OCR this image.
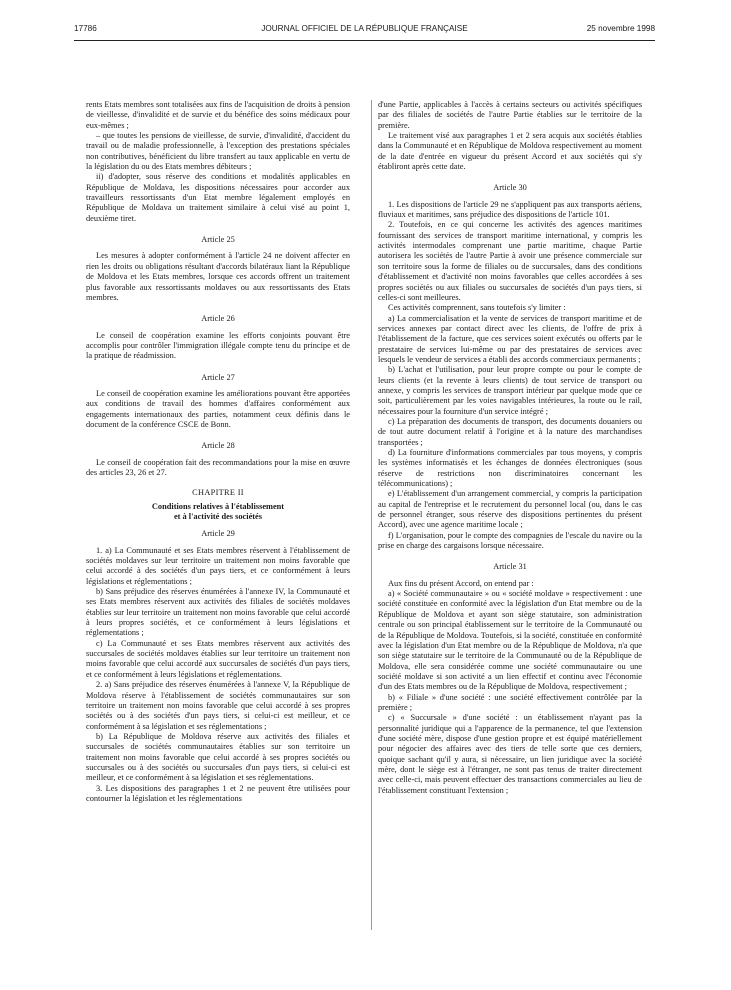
17786	JOURNAL OFFICIEL DE LA RÉPUBLIQUE FRANÇAISE	25 novembre 1998

rents Etats membres sont totalisées aux fins de l'acquisition de droits à pension de vieillesse, d'invalidité et de survie et du bénéfice des soins médicaux pour eux-mêmes ;

– que toutes les pensions de vieillesse, de survie, d'invalidité, d'accident du travail ou de maladie professionnelle, à l'exception des prestations spéciales non contributives, bénéficient du libre transfert au taux applicable en vertu de la législation du ou des Etats membres débiteurs ;

ii) d'adopter, sous réserve des conditions et modalités applicables en République de Moldava, les dispositions nécessaires pour accorder aux travailleurs ressortissants d'un Etat membre légalement employés en République de Moldava un traitement similaire à celui visé au point 1, deuxième tiret.

Article 25

Les mesures à adopter conformément à l'article 24 ne doivent affecter en rien les droits ou obligations résultant d'accords bilatéraux liant la République de Moldova et les Etats membres, lorsque ces accords offrent un traitement plus favorable aux ressortissants moldaves ou aux ressortissants des Etats membres.

Article 26

Le conseil de coopération examine les efforts conjoints pouvant être accomplis pour contrôler l'immigration illégale compte tenu du principe et de la pratique de réadmission.

Article 27

Le conseil de coopération examine les améliorations pouvant être apportées aux conditions de travail des hommes d'affaires conformément aux engagements internationaux des parties, notamment ceux définis dans le document de la conférence CSCE de Bonn.

Article 28

Le conseil de coopération fait des recommandations pour la mise en œuvre des articles 23, 26 et 27.

CHAPITRE II
Conditions relatives à l'établissement
et à l'activité des sociétés
Article 29

1. a) La Communauté et ses Etats membres réservent à l'établissement de sociétés moldaves sur leur territoire un traitement non moins favorable que celui accordé à des sociétés d'un pays tiers, et ce conformément à leurs législations et réglementations ;

b) Sans préjudice des réserves énumérées à l'annexe IV, la Communauté et ses Etats membres réservent aux activités des filiales de sociétés moldaves établies sur leur territoire un traitement non moins favorable que celui accordé à leurs propres sociétés, et ce conformément à leurs législations et réglementations ;

c) La Communauté et ses Etats membres réservent aux activités des succursales de sociétés moldaves établies sur leur territoire un traitement non moins favorable que celui accordé aux succursales de sociétés d'un pays tiers, et ce conformément à leurs législations et réglementations.

2. a) Sans préjudice des réserves énumérées à l'annexe V, la République de Moldova réserve à l'établissement de sociétés communautaires sur son territoire un traitement non moins favorable que celui accordé à ses propres sociétés ou à des sociétés d'un pays tiers, si celui-ci est meilleur, et ce conformément à sa législation et ses réglementations ;

b) La République de Moldova réserve aux activités des filiales et succursales de sociétés communautaires établies sur son territoire un traitement non moins favorable que celui accordé à ses propres sociétés ou succursales ou à des sociétés ou succursales d'un pays tiers, si celui-ci est meilleur, et ce conformément à sa législation et ses réglementations.

3. Les dispositions des paragraphes 1 et 2 ne peuvent être utilisées pour contourner la législation et les réglementations

d'une Partie, applicables à l'accès à certains secteurs ou activités spécifiques par des filiales de sociétés de l'autre Partie établies sur le territoire de la première.

Le traitement visé aux paragraphes 1 et 2 sera acquis aux sociétés établies dans la Communauté et en République de Moldova respectivement au moment de la date d'entrée en vigueur du présent Accord et aux sociétés qui s'y établiront après cette date.

Article 30

1. Les dispositions de l'article 29 ne s'appliquent pas aux transports aériens, fluviaux et maritimes, sans préjudice des dispositions de l'article 101.

2. Toutefois, en ce qui concerne les activités des agences maritimes fournissant des services de transport maritime international, y compris les activités intermodales comprenant une partie maritime, chaque Partie autorisera les sociétés de l'autre Partie à avoir une présence commerciale sur son territoire sous la forme de filiales ou de succursales, dans des conditions d'établissement et d'activité non moins favorables que celles accordées à ses propres sociétés ou aux filiales ou succursales de sociétés d'un pays tiers, si celles-ci sont meilleures.

Ces activités comprennent, sans toutefois s'y limiter :

a) La commercialisation et la vente de services de transport maritime et de services annexes par contact direct avec les clients, de l'offre de prix à l'établissement de la facture, que ces services soient exécutés ou offerts par le prestataire de services lui-même ou par des prestataires de services avec lesquels le vendeur de services a établi des accords commerciaux permanents ;

b) L'achat et l'utilisation, pour leur propre compte ou pour le compte de leurs clients (et la revente à leurs clients) de tout service de transport ou annexe, y compris les services de transport intérieur par quelque mode que ce soit, particulièrement par les voies navigables intérieures, la route ou le rail, nécessaires pour la fourniture d'un service intégré ;

c) La préparation des documents de transport, des documents douaniers ou de tout autre document relatif à l'origine et à la nature des marchandises transportées ;

d) La fourniture d'informations commerciales par tous moyens, y compris les systèmes informatisés et les échanges de données électroniques (sous réserve de restrictions non discriminatoires concernant les télécommunications) ;

e) L'établissement d'un arrangement commercial, y compris la participation au capital de l'entreprise et le recrutement du personnel local (ou, dans le cas de personnel étranger, sous réserve des dispositions pertinentes du présent Accord), avec une agence maritime locale ;

f) L'organisation, pour le compte des compagnies de l'escale du navire ou la prise en charge des cargaisons lorsque nécessaire.

Article 31

Aux fins du présent Accord, on entend par :

a) « Société communautaire » ou « société moldave » respectivement : une société constituée en conformité avec la législation d'un Etat membre ou de la République de Moldova et ayant son siège statutaire, son administration centrale ou son principal établissement sur le territoire de la Communauté ou de la République de Moldova. Toutefois, si la société, constituée en conformité avec la législation d'un Etat membre ou de la République de Moldova, n'a que son siège statutaire sur le territoire de la Communauté ou de la République de Moldova, elle sera considérée comme une société communautaire ou une société moldave si son activité a un lien effectif et continu avec l'économie d'un des Etats membres ou de la République de Moldova, respectivement ;

b) « Filiale » d'une société : une société effectivement contrôlée par la première ;

c) « Succursale » d'une société : un établissement n'ayant pas la personnalité juridique qui a l'apparence de la permanence, tel que l'extension d'une société mère, dispose d'une gestion propre et est équipé matériellement pour négocier des affaires avec des tiers de telle sorte que ces derniers, quoique sachant qu'il y aura, si nécessaire, un lien juridique avec la société mère, dont le siège est à l'étranger, ne sont pas tenus de traiter directement avec celle-ci, mais peuvent effectuer des transactions commerciales au lieu de l'établissement constituant l'extension ;
